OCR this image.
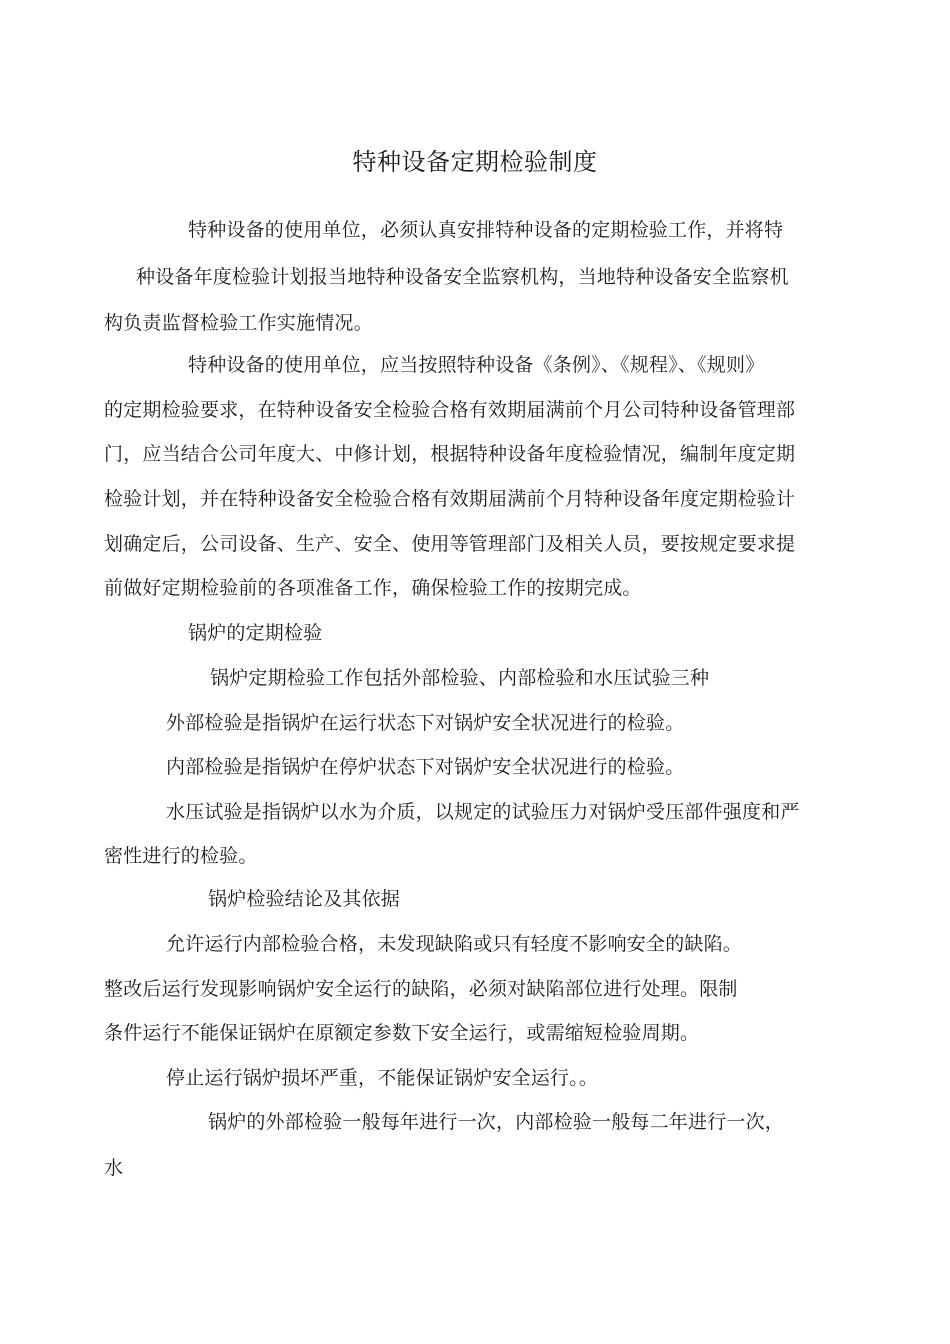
特种设备定期检验制度
特种设备的使用单位，必须认真安排特种设备的定期检验工作，并将特
种设备年度检验计划报当地特种设备安全监察机构，当地特种设备安全监察机
构负责监督检验工作实施情况。
特种设备的使用单位，应当按照特种设备《条例》、《规程》、《规则》
的定期检验要求，在特种设备安全检验合格有效期届满前个月公司特种设备管理部
门，应当结合公司年度大、中修计划，根据特种设备年度检验情况，编制年度定期
检验计划，并在特种设备安全检验合格有效期届满前个月特种设备年度定期检验计
划确定后，公司设备、生产、安全、使用等管理部门及相关人员，要按规定要求提
前做好定期检验前的各项准备工作，确保检验工作的按期完成。
锅炉的定期检验
锅炉定期检验工作包括外部检验、内部检验和水压试验三种
外部检验是指锅炉在运行状态下对锅炉安全状况进行的检验。
内部检验是指锅炉在停炉状态下对锅炉安全状况进行的检验。
水压试验是指锅炉以水为介质，以规定的试验压力对锅炉受压部件强度和严
密性进行的检验。
锅炉检验结论及其依据
允许运行内部检验合格，未发现缺陷或只有轻度不影响安全的缺陷。
整改后运行发现影响锅炉安全运行的缺陷，必须对缺陷部位进行处理。限制
条件运行不能保证锅炉在原额定参数下安全运行，或需缩短检验周期。
停止运行锅炉损坏严重，不能保证锅炉安全运行。。
锅炉的外部检验一般每年进行一次，内部检验一般每二年进行一次，
水
